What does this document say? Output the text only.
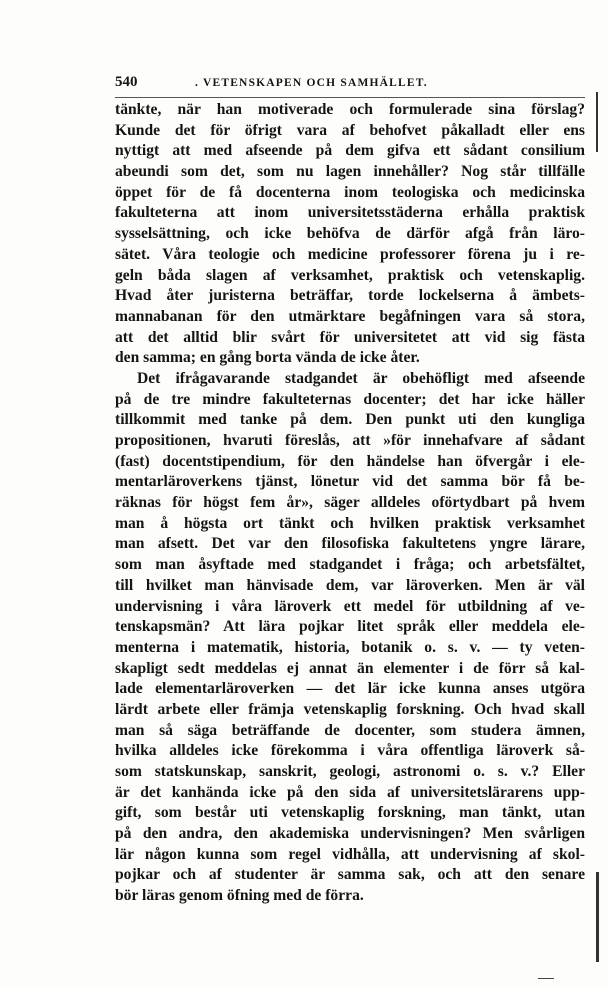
540	. VETENSKAPEN OCH SAMHÄLLET.
tänkte, när han motiverade och formulerade sina förslag?
Kunde det för öfrigt vara af behofvet påkalladt eller ens
nyttigt att med afseende på dem gifva ett sådant consilium
abeundi som det, som nu lagen innehåller? Nog står tillfälle
öppet för de få docenterna inom teologiska och medicinska
fakulteterna att inom universitetsstäderna erhålla praktisk
sysselsättning, och icke behöfva de därför afgå från läro-
sätet. Våra teologie och medicine professorer förena ju i re-
geln båda slagen af verksamhet, praktisk och vetenskaplig.
Hvad åter juristerna beträffar, torde lockelserna å ämbets-
mannabanan för den utmärktare begåfningen vara så stora,
att det alltid blir svårt för universitetet att vid sig fästa
den samma; en gång borta vända de icke åter.
Det ifrågavarande stadgandet är obehöfligt med afseende
på de tre mindre fakulteternas docenter; det har icke häller
tillkommit med tanke på dem. Den punkt uti den kungliga
propositionen, hvaruti föreslås, att »för innehafvare af sådant
(fast) docentstipendium, för den händelse han öfvergår i ele-
mentarläroverkens tjänst, lönetur vid det samma bör få be-
räknas för högst fem år», säger alldeles oförtydbart på hvem
man å högsta ort tänkt och hvilken praktisk verksamhet
man afsett. Det var den filosofiska fakultetens yngre lärare,
som man åsyftade med stadgandet i fråga; och arbetsfältet,
till hvilket man hänvisade dem, var läroverken. Men är väl
undervisning i våra läroverk ett medel för utbildning af ve-
tenskapsmän? Att lära pojkar litet språk eller meddela ele-
menterna i matematik, historia, botanik o. s. v. — ty veten-
skapligt sedt meddelas ej annat än elementer i de förr så kal-
lade elementarläroverken — det lär icke kunna anses utgöra
lärdt arbete eller främja vetenskaplig forskning. Och hvad skall
man så säga beträffande de docenter, som studera ämnen,
hvilka alldeles icke förekomma i våra offentliga läroverk så-
som statskunskap, sanskrit, geologi, astronomi o. s. v.? Eller
är det kanhända icke på den sida af universitetslärarens upp-
gift, som består uti vetenskaplig forskning, man tänkt, utan
på den andra, den akademiska undervisningen? Men svårligen
lär någon kunna som regel vidhålla, att undervisning af skol-
pojkar och af studenter är samma sak, och att den senare
bör läras genom öfning med de förra.
